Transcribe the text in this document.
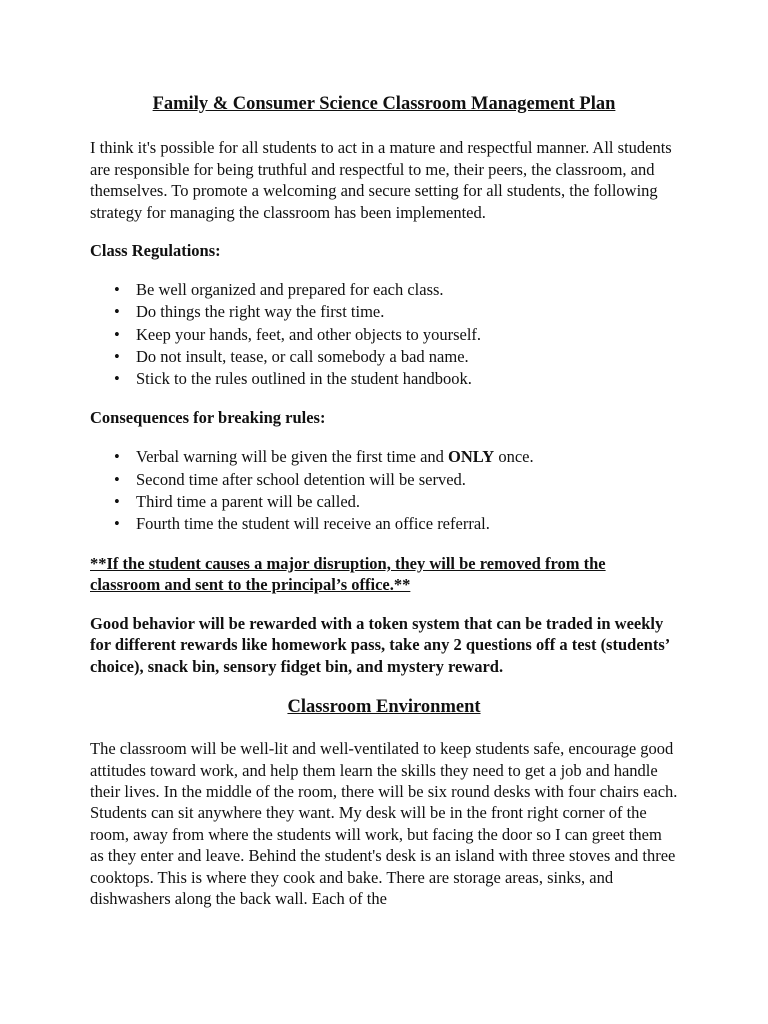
Family & Consumer Science Classroom Management Plan

I think it's possible for all students to act in a mature and respectful manner. All students are responsible for being truthful and respectful to me, their peers, the classroom, and themselves. To promote a welcoming and secure setting for all students, the following strategy for managing the classroom has been implemented.

Class Regulations:
• Be well organized and prepared for each class.
• Do things the right way the first time.
• Keep your hands, feet, and other objects to yourself.
• Do not insult, tease, or call somebody a bad name.
• Stick to the rules outlined in the student handbook.
Consequences for breaking rules:
• Verbal warning will be given the first time and ONLY once.
• Second time after school detention will be served.
• Third time a parent will be called.
• Fourth time the student will receive an office referral.

**If the student causes a major disruption, they will be removed from the classroom and sent to the principal’s office.**

Good behavior will be rewarded with a token system that can be traded in weekly for different rewards like homework pass, take any 2 questions off a test (students’ choice), snack bin, sensory fidget bin, and mystery reward.

Classroom Environment

The classroom will be well-lit and well-ventilated to keep students safe, encourage good attitudes toward work, and help them learn the skills they need to get a job and handle their lives. In the middle of the room, there will be six round desks with four chairs each. Students can sit anywhere they want. My desk will be in the front right corner of the room, away from where the students will work, but facing the door so I can greet them as they enter and leave. Behind the student's desk is an island with three stoves and three cooktops. This is where they cook and bake. There are storage areas, sinks, and dishwashers along the back wall. Each of the
